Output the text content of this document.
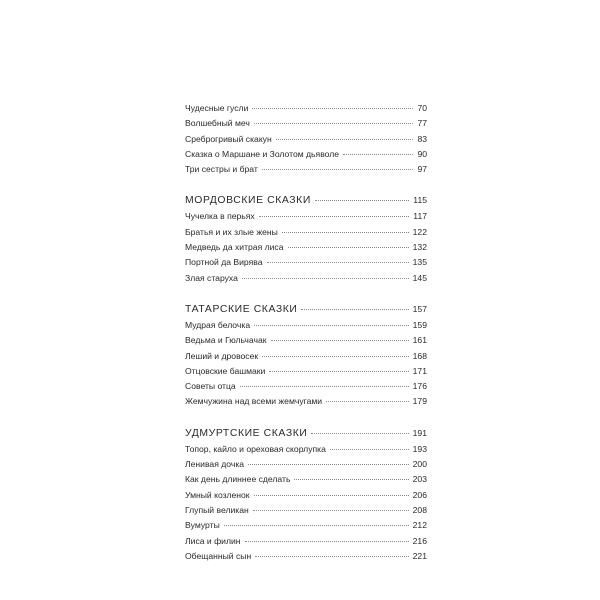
Чудесные гусли	70
Волшебный меч	77
Среброгривый скакун	83
Сказка о Маршане и Золотом дьяволе	90
Три сестры и брат	97
МОРДОВСКИЕ СКАЗКИ	115
Чучелка в перьях	117
Братья и их злые жены	122
Медведь да хитрая лиса	132
Портной да Вирява	135
Злая старуха	145
ТАТАРСКИЕ СКАЗКИ	157
Мудрая белочка	159
Ведьма и Гюльчачак	161
Леший и дровосек	168
Отцовские башмаки	171
Советы отца	176
Жемчужина над всеми жемчугами	179
УДМУРТСКИЕ СКАЗКИ	191
Топор, кайло и ореховая скорлупка	193
Ленивая дочка	200
Как день длиннее сделать	203
Умный козленок	206
Глупый великан	208
Вумурты	212
Лиса и филин	216
Обещанный сын	221
